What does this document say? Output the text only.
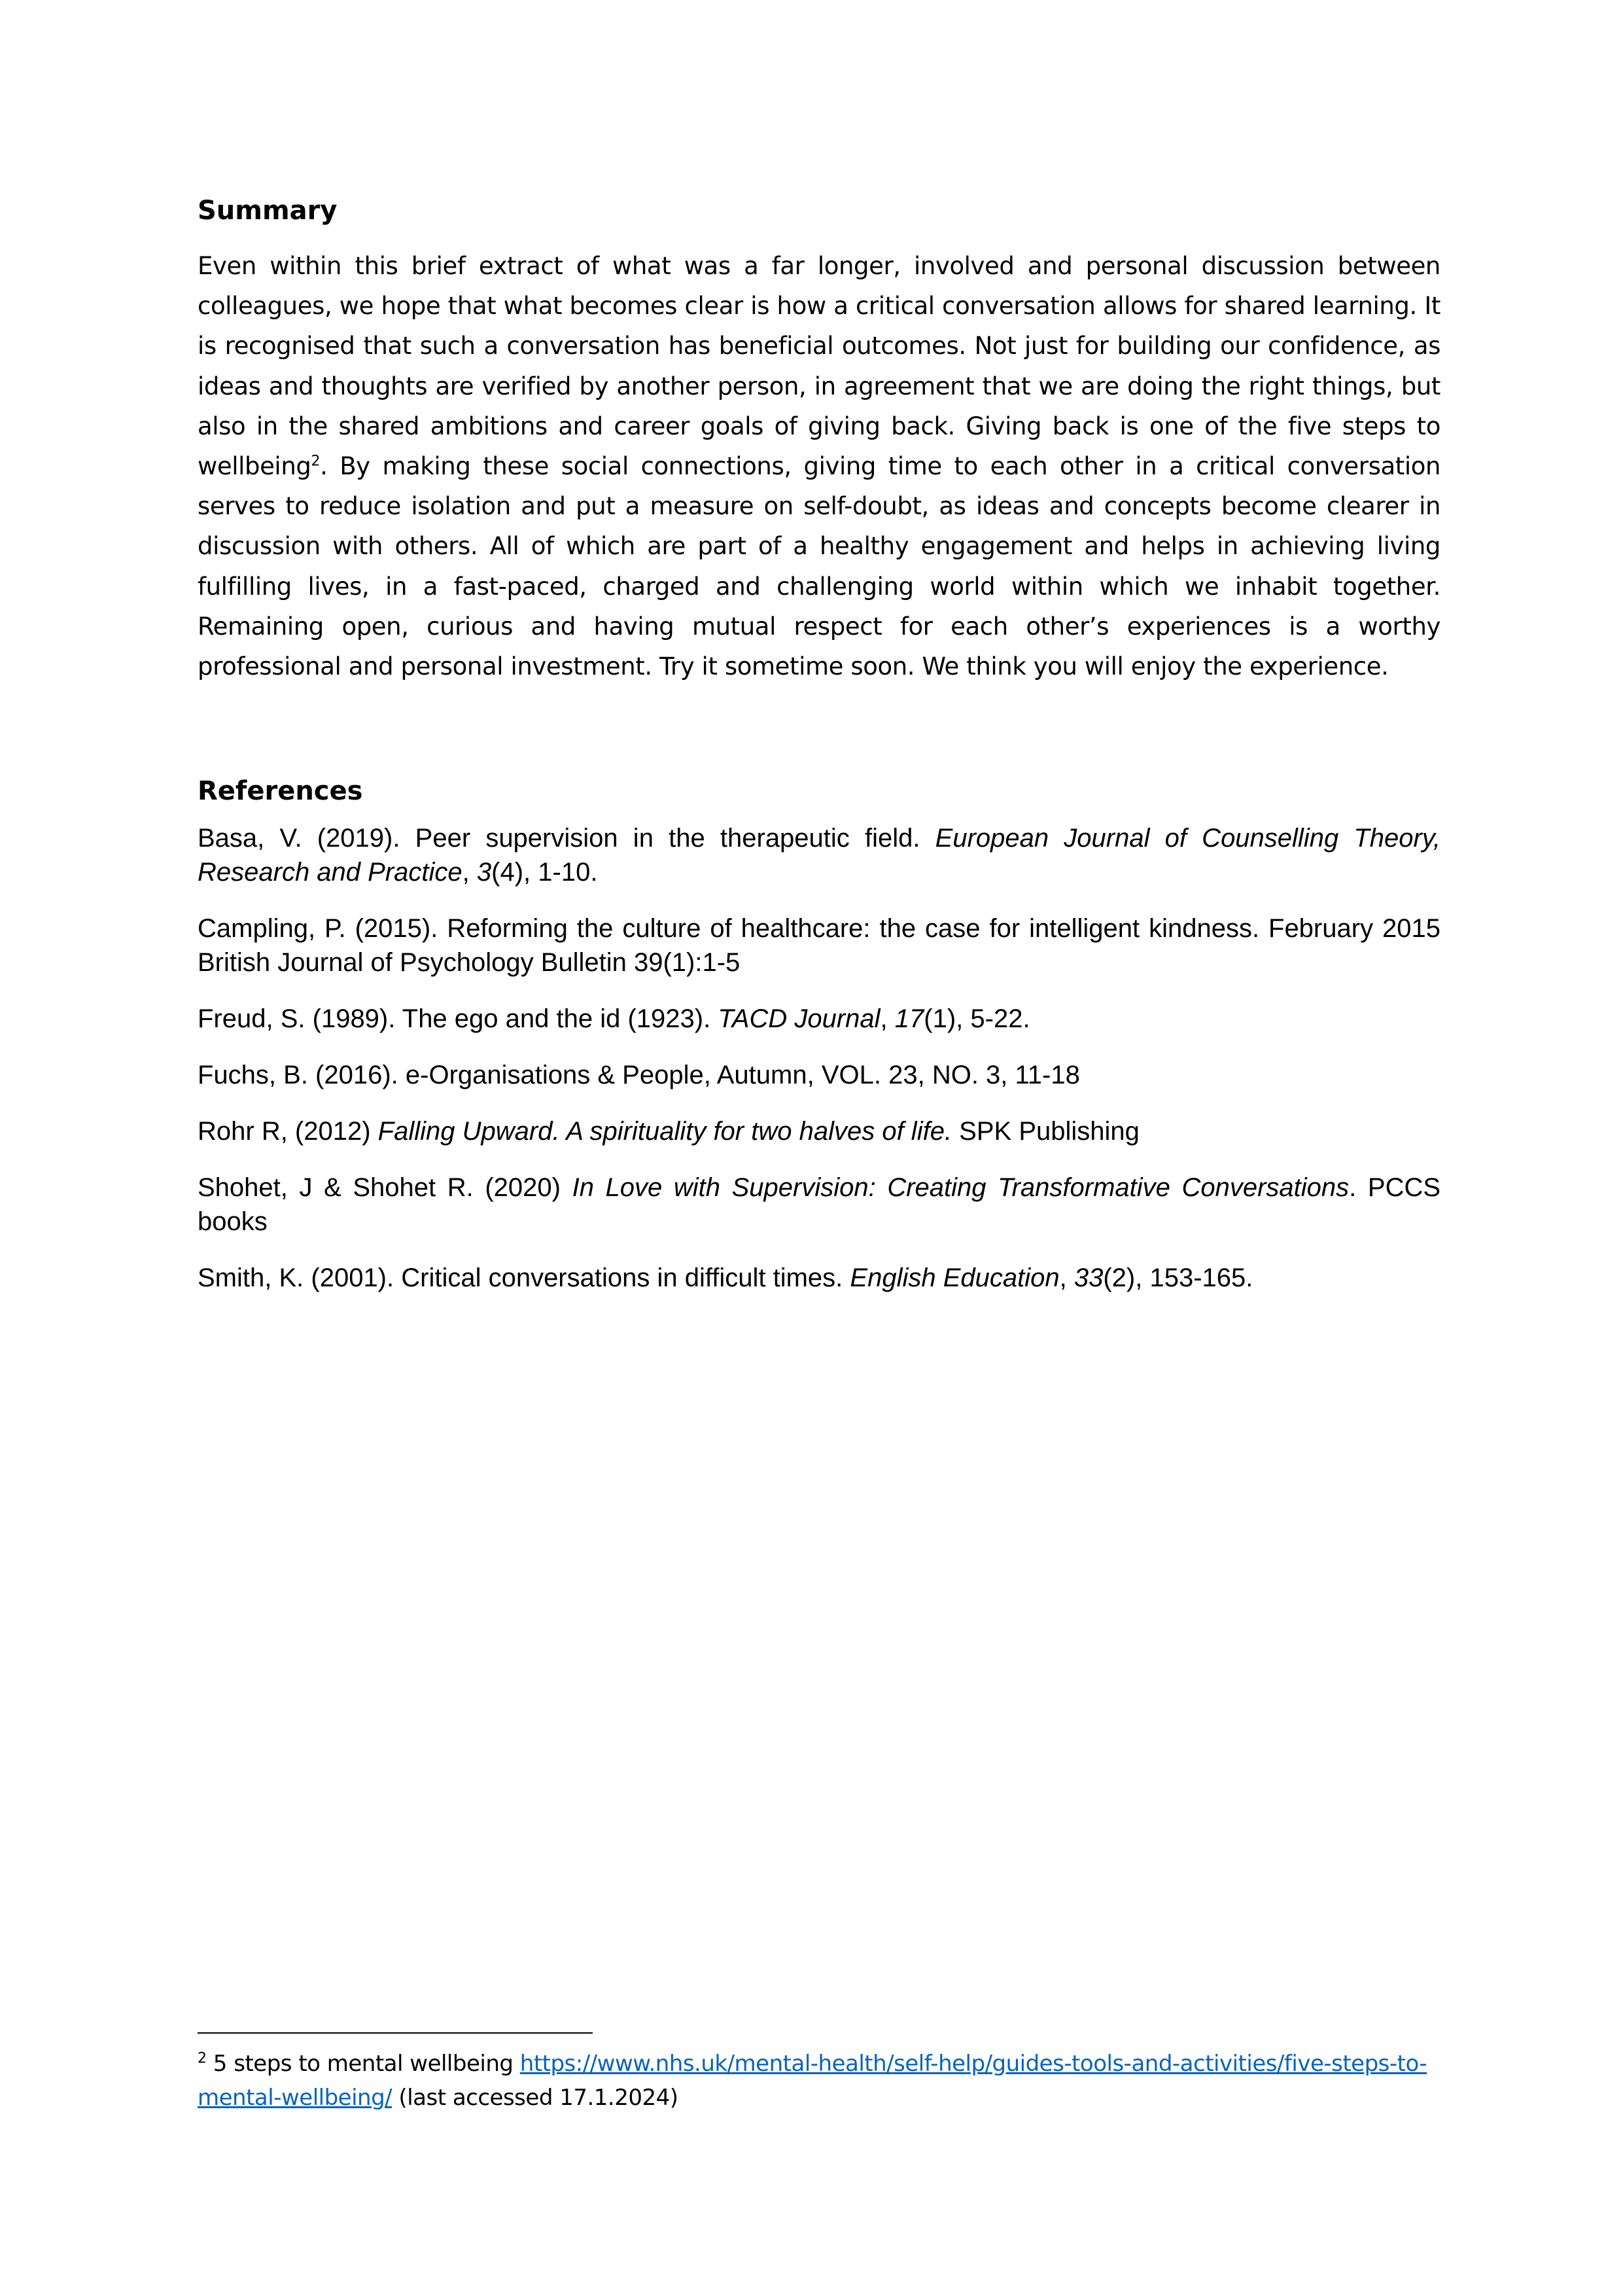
Summary

Even within this brief extract of what was a far longer, involved and personal discussion between colleagues, we hope that what becomes clear is how a critical conversation allows for shared learning. It is recognised that such a conversation has beneficial outcomes. Not just for building our confidence, as ideas and thoughts are verified by another person, in agreement that we are doing the right things, but also in the shared ambitions and career goals of giving back. Giving back is one of the five steps to wellbeing$^2$. By making these social connections, giving time to each other in a critical conversation serves to reduce isolation and put a measure on self-doubt, as ideas and concepts become clearer in discussion with others. All of which are part of a healthy engagement and helps in achieving living fulfilling lives, in a fast-paced, charged and challenging world within which we inhabit together. Remaining open, curious and having mutual respect for each other’s experiences is a worthy professional and personal investment. Try it sometime soon. We think you will enjoy the experience.

References
Basa, V. (2019). Peer supervision in the therapeutic field. European Journal of Counselling Theory, Research and Practice, 3(4), 1-10.
Campling, P. (2015). Reforming the culture of healthcare: the case for intelligent kindness. February 2015 British Journal of Psychology Bulletin 39(1):1-5
Freud, S. (1989). The ego and the id (1923). TACD Journal, 17(1), 5-22.
Fuchs, B. (2016). e-Organisations & People, Autumn, VOL. 23, NO. 3, 11-18
Rohr R, (2012) Falling Upward. A spirituality for two halves of life. SPK Publishing
Shohet, J & Shohet R. (2020) In Love with Supervision: Creating Transformative Conversations. PCCS books
Smith, K. (2001). Critical conversations in difficult times. English Education, 33(2), 153-165.
$^2$ 5 steps to mental wellbeing https://www.nhs.uk/mental-health/self-help/guides-tools-and-activities/five-steps-to-mental-wellbeing/ (last accessed 17.1.2024)
